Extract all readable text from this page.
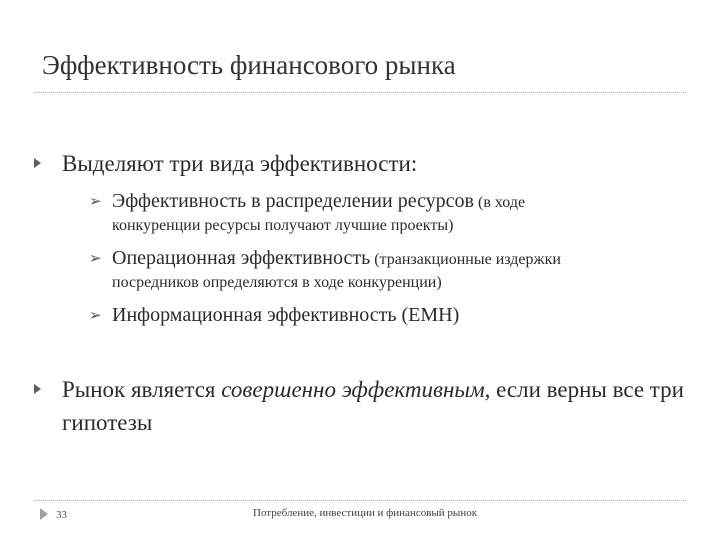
Эффективность финансового рынка
Выделяют три вида эффективности:
➢ Эффективность в распределении ресурсов (в ходе
конкуренции ресурсы получают лучшие проекты)
➢ Операционная эффективность (транзакционные издержки
посредников определяются в ходе конкуренции)
➢ Информационная эффективность (ЕМН)
Рынок является совершенно эффективным, если верны все три гипотезы
33	Потребление, инвестиции и финансовый рынок
